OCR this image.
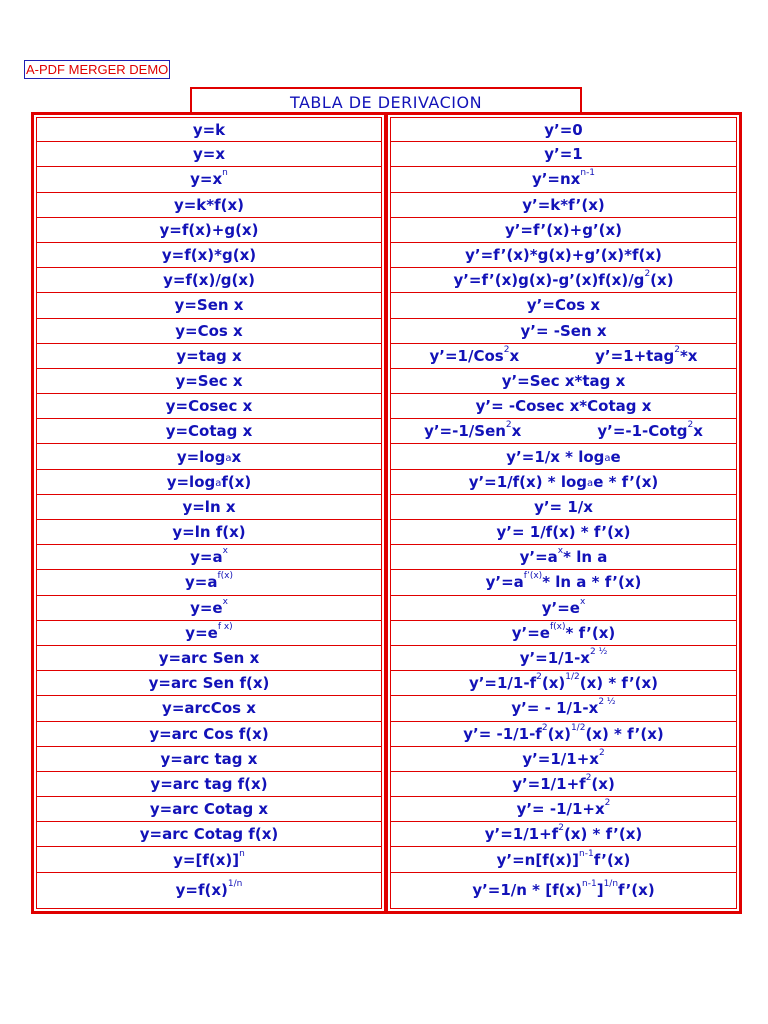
A-PDF MERGER DEMO
TABLA DE DERIVACION
y=k
y=x
$y=x^n$
y=k*f(x)
y=f(x)+g(x)
y=f(x)*g(x)
y=f(x)/g(x)
y=Sen x
y=Cos x
y=tag x
y=Sec x
y=Cosec x
y=Cotag x
$y=\log_a$ x
$y=\log_a$ f(x)
y=ln x
y=ln f(x)
$y=a^x$
$y=a^{f(x)}$
$y=e^x$
$y=e^{f x)}$
y=arc Sen x
y=arc Sen f(x)
y=arcCos x
y=arc Cos f(x)
y=arc tag x
y=arc tag f(x)
y=arc Cotag x
y=arc Cotag f(x)
$y=[f(x)]^n$
y=f(x) $^{1/n}$
y’=0
y’=1
$y’=nx^{n-1}$
y’=k*f’(x)
y’=f’(x)+g’(x)
y’=f’(x)*g(x)+g’(x)*f(x)
$y’=f’(x)g(x)-g’(x)f(x)/g^2$ (x)
y’=Cos x
y’= -Sen x
y’=1/Cos$^2$ x	y’=1+tag$^2$ *x
y’=Sec x*tag x
y’= -Cosec x*Cotag x
y’=-1/Sen$^2$ x	y’=-1-Cotg$^2$ x
y’=1/x * $\log_a e$
y’=1/f(x) * $\log_a e$ * f’(x)
y’= 1/x
y’= 1/f(x) * f’(x)
$y’=a^x * \ln a$
$y’=a^{f’(x)} * \ln a$ * f’(x)
$y’=e^x$
$y’=e^{f(x)}$ * f’(x)
$y’=1/1-x^{2 \frac{1}{2}}$
$y’=1/1-f^2$ $(x)^{1/2}$ (x) * f’(x)
y’= - $1/1-x^{2 \frac{1}{2}}$
y’= $-1/1-f^2$ $(x)^{1/2}$ (x) * f’(x)
$y’=1/1+x^2$
$y’=1/1+f^2$ (x)
y’= $-1/1+x^2$
$y’=1/1+f^2$ (x) * f’(x)
$y’=n[f(x)]^{n-1}$ f’(x)
y’=1/n * [$f(x)^{n-1}$ ]$^{1/n}$ f’(x)
